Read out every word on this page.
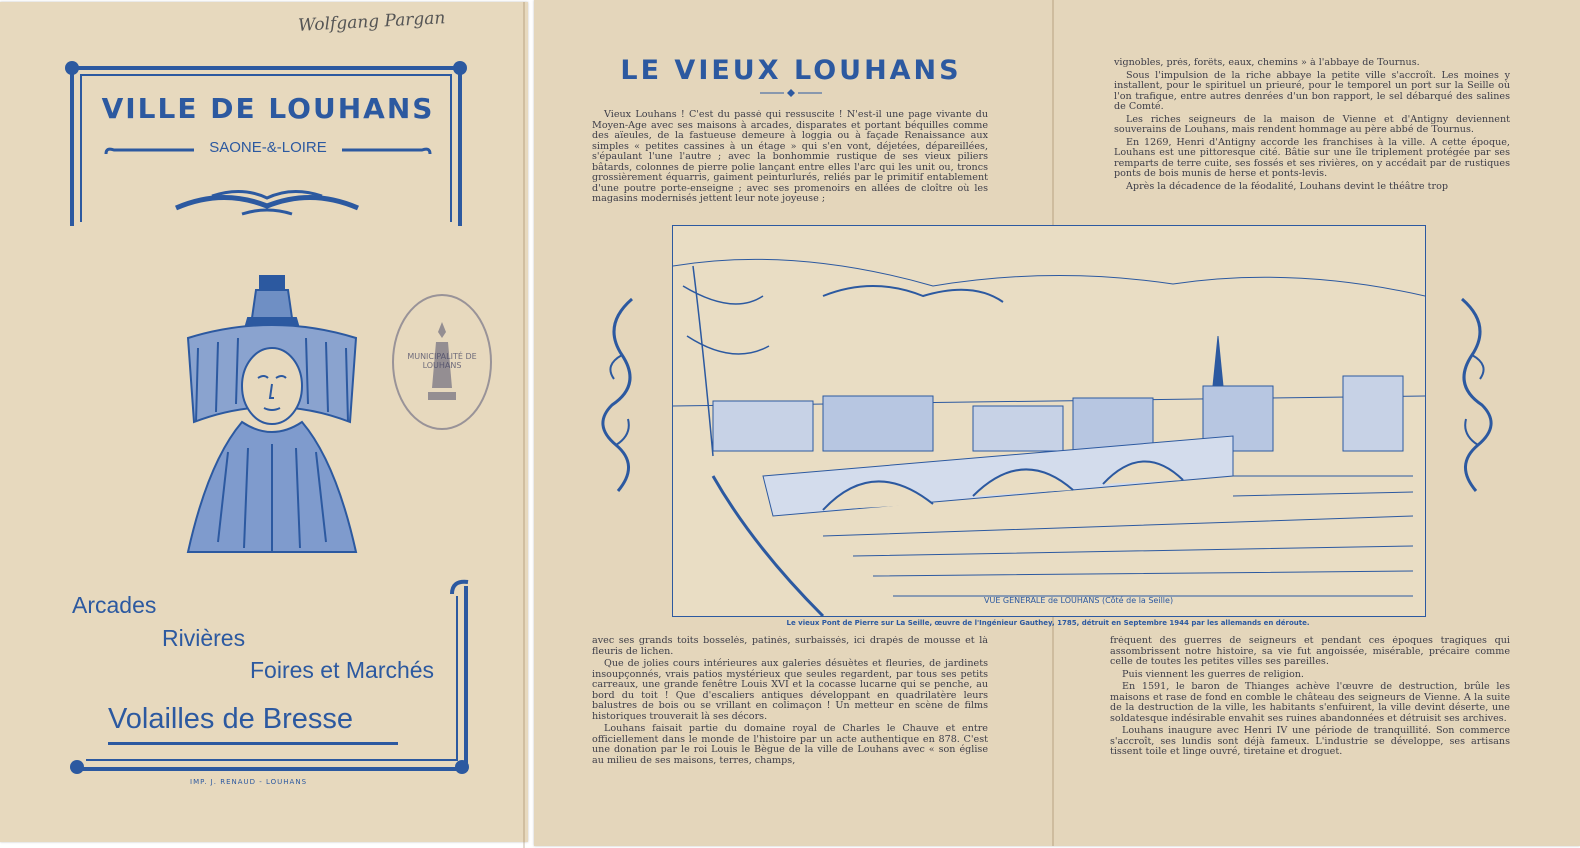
Wolfgang Pargan
VILLE DE LOUHANS
SAONE-&-LOIRE
MUNICIPALITÉ DE LOUHANS
Arcades
Rivières
Foires et Marchés
Volailles de Bresse
IMP. J. RENAUD - LOUHANS
LE VIEUX LOUHANS

Vieux Louhans ! C'est du passé qui ressuscite ! N'est-il une page vivante du Moyen-Age avec ses maisons à arcades, disparates et portant béquilles comme des aïeules, de la fastueuse demeure à loggia ou à façade Renaissance aux simples « petites cassines à un étage » qui s'en vont, déjetées, dépareillées, s'épaulant l'une l'autre ; avec la bonhommie rustique de ses vieux piliers bâtards, colonnes de pierre polie lançant entre elles l'arc qui les unit ou, troncs grossièrement équarris, gaiment peinturlurés, reliés par le primitif entablement d'une poutre porte-enseigne ; avec ses promenoirs en allées de cloître où les magasins modernisés jettent leur note joyeuse ;

vignobles, prés, forêts, eaux, chemins » à l'abbaye de Tournus.

Sous l'impulsion de la riche abbaye la petite ville s'accroît. Les moines y installent, pour le spirituel un prieuré, pour le temporel un port sur la Seille où l'on trafique, entre autres denrées d'un bon rapport, le sel débarqué des salines de Comté.

Les riches seigneurs de la maison de Vienne et d'Antigny deviennent souverains de Louhans, mais rendent hommage au père abbé de Tournus.

En 1269, Henri d'Antigny accorde les franchises à la ville. A cette époque, Louhans est une pittoresque cité. Bâtie sur une île triplement protégée par ses remparts de terre cuite, ses fossés et ses rivières, on y accédait par de rustiques ponts de bois munis de herse et ponts-levis.

Après la décadence de la féodalité, Louhans devint le théâtre trop

VUE GÉNÉRALE de LOUHANS (Côté de la Seille)
Le vieux Pont de Pierre sur La Seille, œuvre de l'Ingénieur Gauthey, 1785, détruit en Septembre 1944 par les allemands en déroute.

avec ses grands toits bosselés, patinés, surbaissés, ici drapés de mousse et là fleuris de lichen.

Que de jolies cours intérieures aux galeries désuètes et fleuries, de jardinets insoupçonnés, vrais patios mystérieux que seules regardent, par tous ses petits carreaux, une grande fenêtre Louis XVI et la cocasse lucarne qui se penche, au bord du toit ! Que d'escaliers antiques développant en quadrilatère leurs balustres de bois ou se vrillant en colimaçon ! Un metteur en scène de films historiques trouverait là ses décors.

Louhans faisait partie du domaine royal de Charles le Chauve et entre officiellement dans le monde de l'histoire par un acte authentique en 878. C'est une donation par le roi Louis le Bègue de la ville de Louhans avec « son église au milieu de ses maisons, terres, champs,

fréquent des guerres de seigneurs et pendant ces époques tragiques qui assombrissent notre histoire, sa vie fut angoissée, misérable, précaire comme celle de toutes les petites villes ses pareilles.

Puis viennent les guerres de religion.

En 1591, le baron de Thianges achève l'œuvre de destruction, brûle les maisons et rase de fond en comble le château des seigneurs de Vienne. A la suite de la destruction de la ville, les habitants s'enfuirent, la ville devint déserte, une soldatesque indésirable envahit ses ruines abandonnées et détruisit ses archives.

Louhans inaugure avec Henri IV une période de tranquillité. Son commerce s'accroît, ses lundis sont déjà fameux. L'industrie se développe, ses artisans tissent toile et linge ouvré, tiretaine et droguet.
